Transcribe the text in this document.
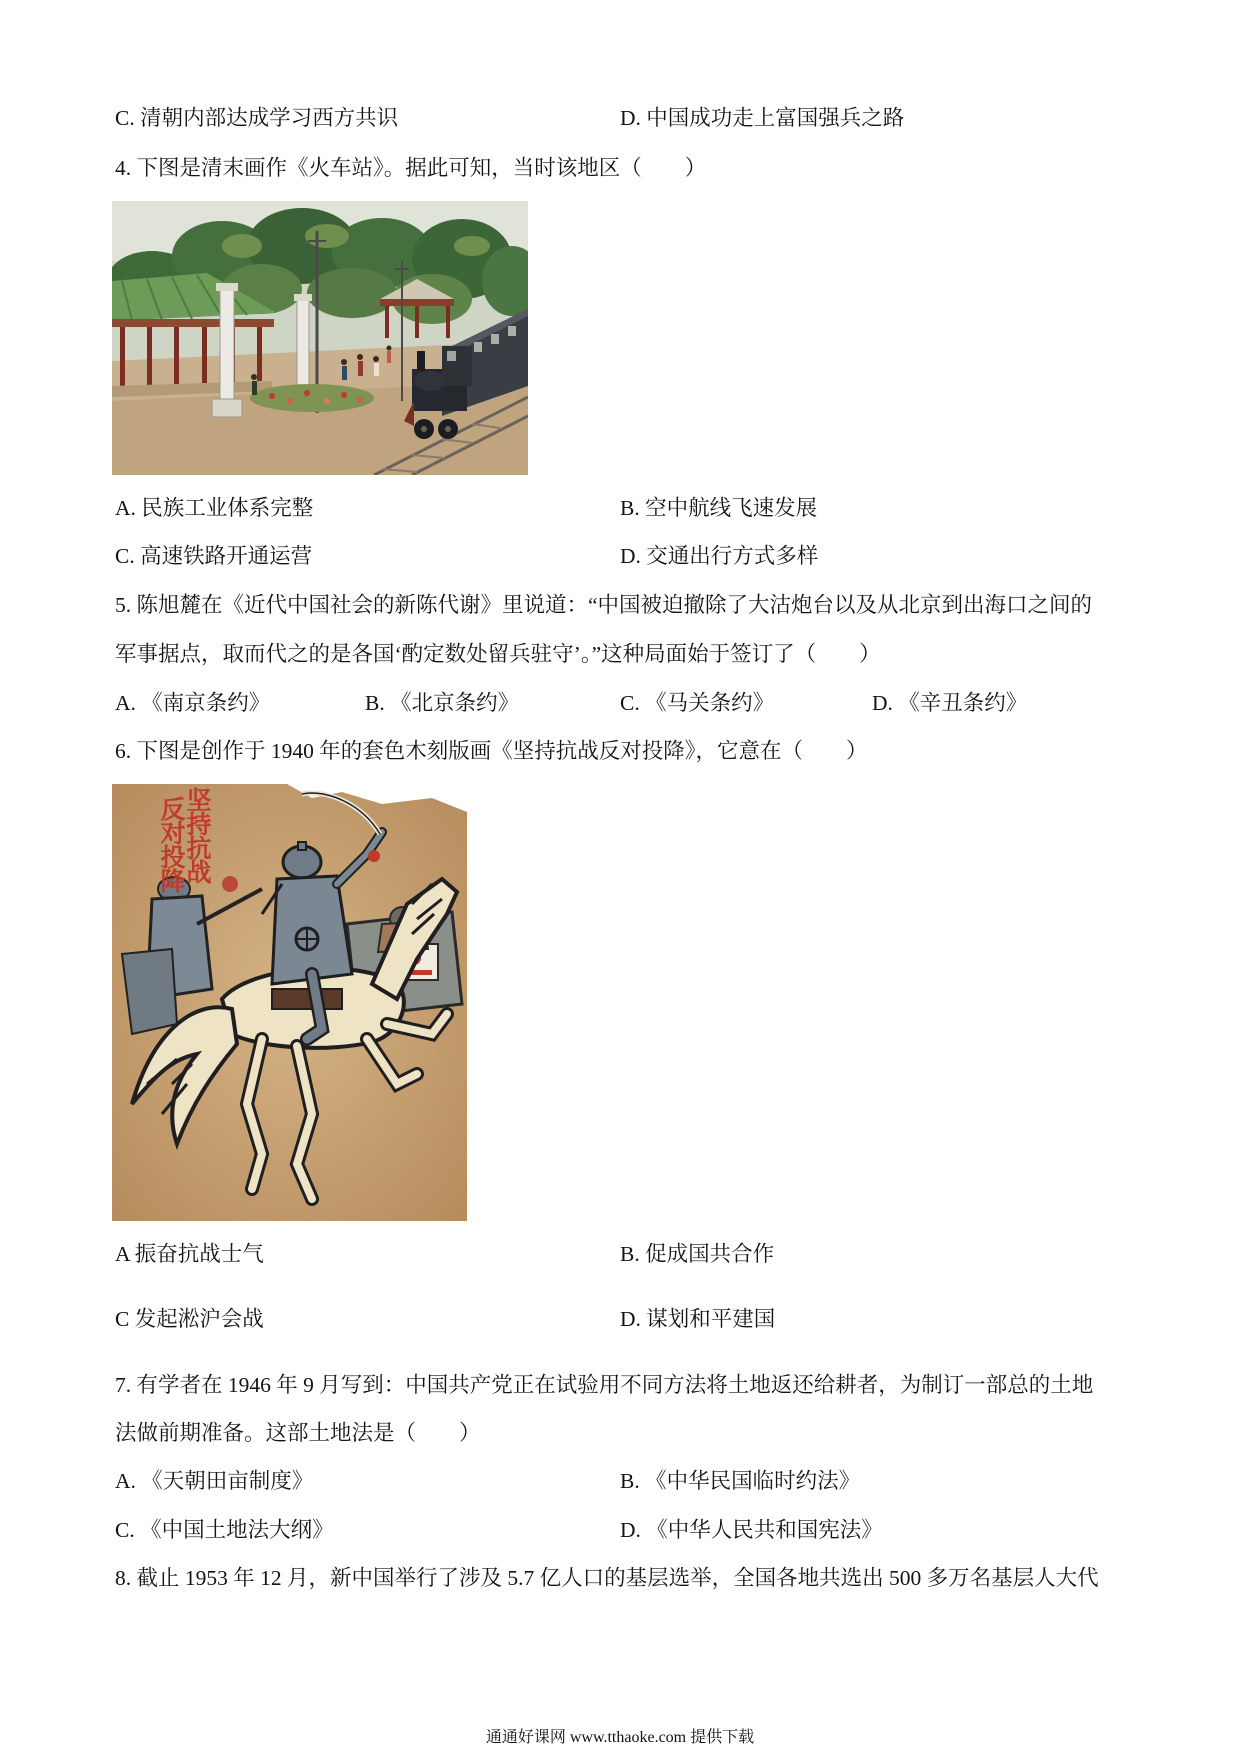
C. 清朝内部达成学习西方共识	D. 中国成功走上富国强兵之路
4. 下图是清末画作《火车站》。据此可知，当时该地区（　　）
A. 民族工业体系完整	B. 空中航线飞速发展
C. 高速铁路开通运营	D. 交通出行方式多样
5. 陈旭麓在《近代中国社会的新陈代谢》里说道：“中国被迫撤除了大沽炮台以及从北京到出海口之间的
军事据点，取而代之的是各国‘酌定数处留兵驻守’。”这种局面始于签订了（　　）
A. 《南京条约》	B. 《北京条约》	C. 《马关条约》	D. 《辛丑条约》
6. 下图是创作于 1940 年的套色木刻版画《坚持抗战反对投降》，它意在（　　）
坚持抗战
反对投降
A 振奋抗战士气	B. 促成国共合作
C 发起淞沪会战	D. 谋划和平建国
7. 有学者在 1946 年 9 月写到：中国共产党正在试验用不同方法将土地返还给耕者，为制订一部总的土地
法做前期准备。这部土地法是（　　）
A. 《天朝田亩制度》	B. 《中华民国临时约法》
C. 《中国土地法大纲》	D. 《中华人民共和国宪法》
8. 截止 1953 年 12 月，新中国举行了涉及 5.7 亿人口的基层选举，全国各地共选出 500 多万名基层人大代
通通好课网 www.tthaoke.com 提供下载
